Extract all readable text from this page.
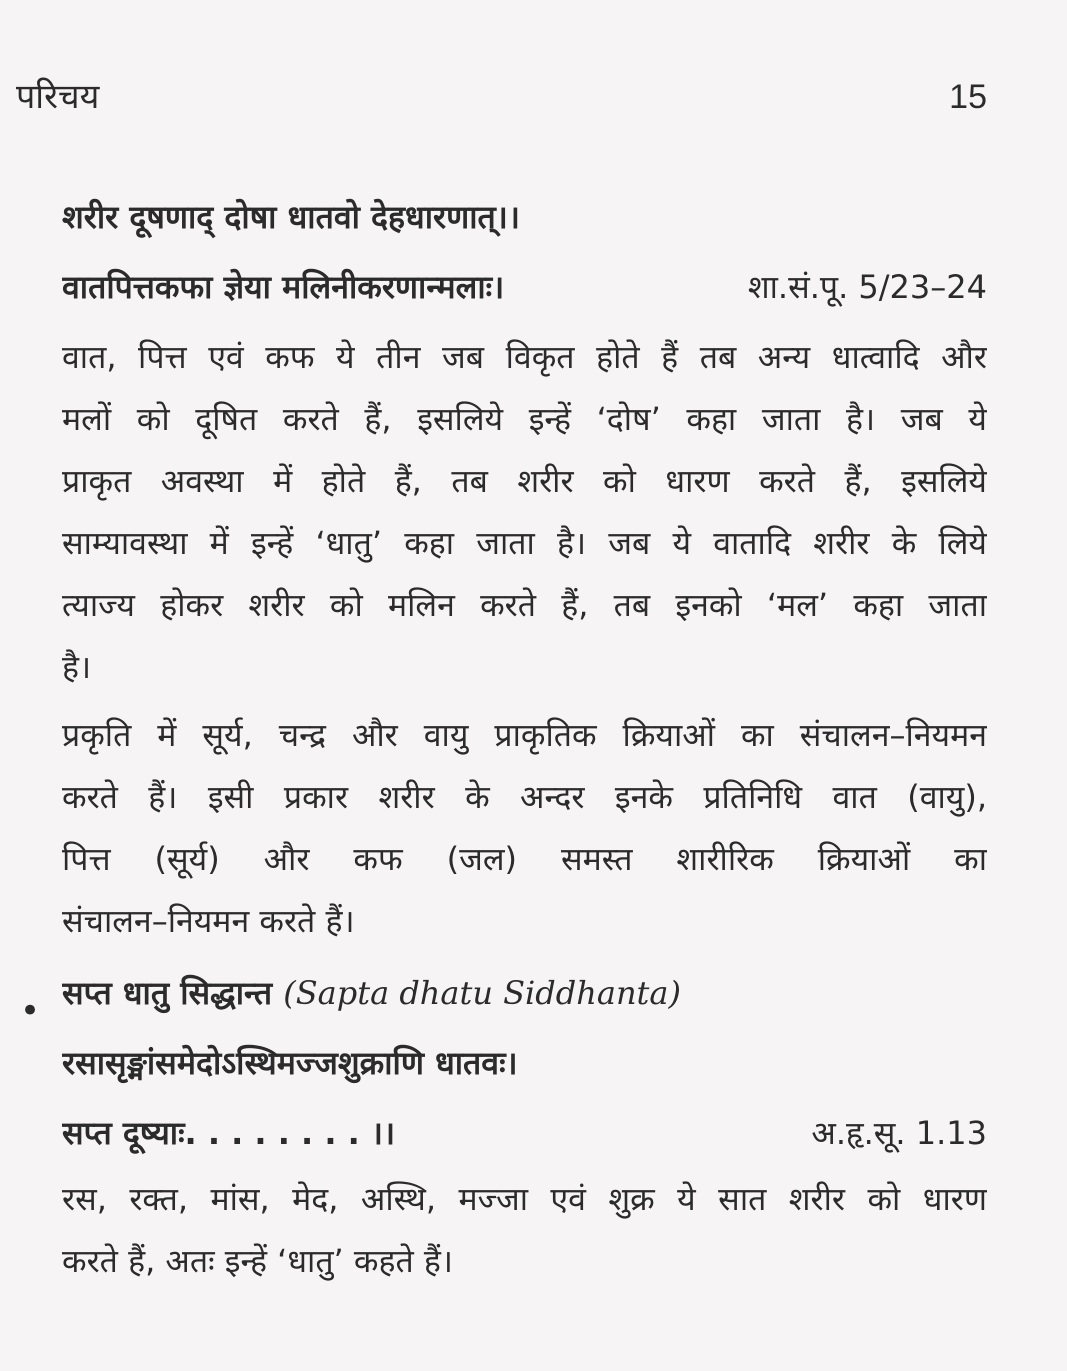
परिचय	15
शरीर दूषणाद् दोषा धातवो देहधारणात्।।
वातपित्तकफा ज्ञेया मलिनीकरणान्मलाः।	शा.सं.पू. 5/23–24
वात, पित्त एवं कफ ये तीन जब विकृत होते हैं तब अन्य धात्वादि और
मलों को दूषित करते हैं, इसलिये इन्हें ‘दोष’ कहा जाता है। जब ये
प्राकृत अवस्था में होते हैं, तब शरीर को धारण करते हैं, इसलिये
साम्यावस्था में इन्हें ‘धातु’ कहा जाता है। जब ये वातादि शरीर के लिये
त्याज्य होकर शरीर को मलिन करते हैं, तब इनको ‘मल’ कहा जाता
है।
प्रकृति में सूर्य, चन्द्र और वायु प्राकृतिक क्रियाओं का संचालन–नियमन
करते हैं। इसी प्रकार शरीर के अन्दर इनके प्रतिनिधि वात (वायु),
पित्त (सूर्य) और कफ (जल) समस्त शारीरिक क्रियाओं का
संचालन–नियमन करते हैं।
• सप्त धातु सिद्धान्त (Sapta dhatu Siddhanta)
रसासृङ्मांसमेदोऽस्थिमज्जशुक्राणि धातवः।
सप्त दूष्याः. . . . . . . . ।।	अ.हृ.सू. 1.13
रस, रक्त, मांस, मेद, अस्थि, मज्जा एवं शुक्र ये सात शरीर को धारण
करते हैं, अतः इन्हें ‘धातु’ कहते हैं।
